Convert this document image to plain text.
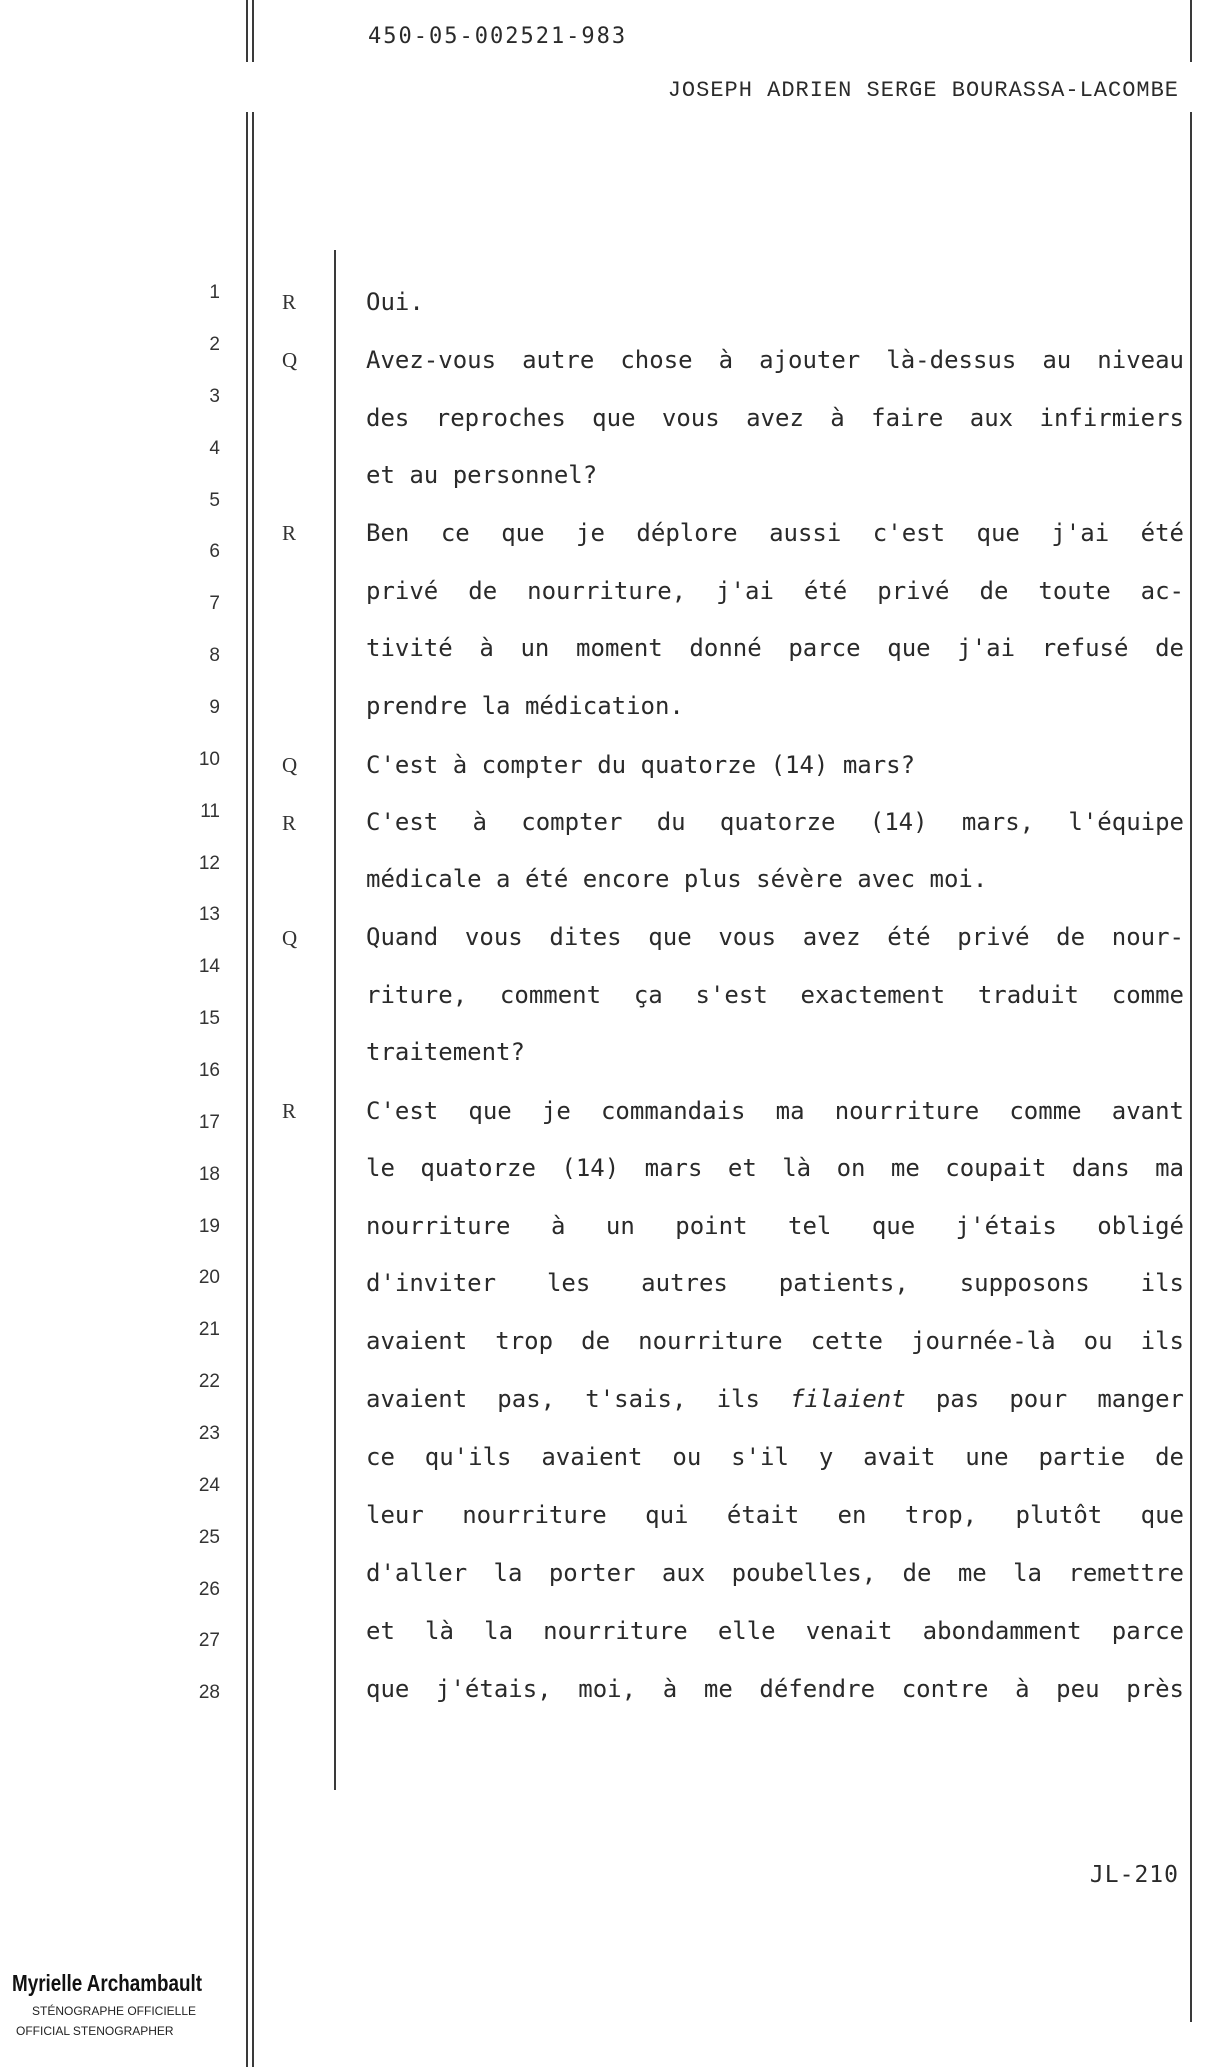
450-05-002521-983
JOSEPH ADRIEN SERGE BOURASSA-LACOMBE
1
2
3
4
5
6
7
8
9
10
11
12
13
14
15
16
17
18
19
20
21
22
23
24
25
26
27
28
R
Q
R
Q
R
Q
R
Oui.
Avez-vous autre chose à ajouter là-dessus au niveau
des reproches que vous avez à faire aux infirmiers
et au personnel?
Ben ce que je déplore aussi c'est que j'ai été
privé de nourriture, j'ai été privé de toute ac-
tivité à un moment donné parce que j'ai refusé de
prendre la médication.
C'est à compter du quatorze (14) mars?
C'est à compter du quatorze (14) mars, l'équipe
médicale a été encore plus sévère avec moi.
Quand vous dites que vous avez été privé de nour-
riture, comment ça s'est exactement traduit comme
traitement?
C'est que je commandais ma nourriture comme avant
le quatorze (14) mars et là on me coupait dans ma
nourriture à un point tel que j'étais obligé
d'inviter les autres patients, supposons ils
avaient trop de nourriture cette journée-là ou ils
avaient pas, t'sais, ils filaient pas pour manger
ce qu'ils avaient ou s'il y avait une partie de
leur nourriture qui était en trop, plutôt que
d'aller la porter aux poubelles, de me la remettre
et là la nourriture elle venait abondamment parce
que j'étais, moi, à me défendre contre à peu près
JL-210
Myrielle Archambault
STÉNOGRAPHE OFFICIELLE
OFFICIAL STENOGRAPHER
